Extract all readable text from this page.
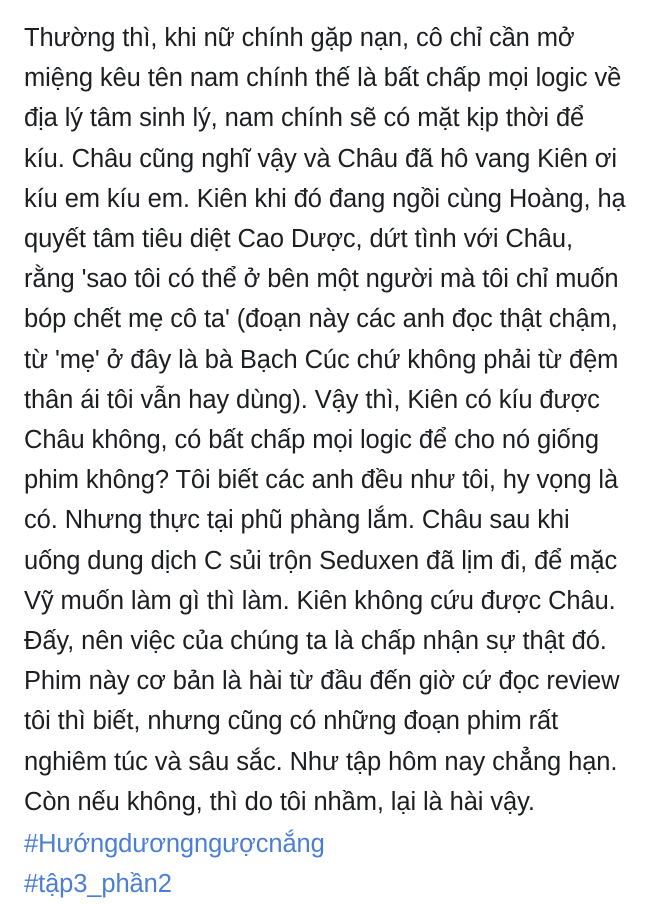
Thường thì, khi nữ chính gặp nạn, cô chỉ cần mở miệng kêu tên nam chính thế là bất chấp mọi logic về địa lý tâm sinh lý, nam chính sẽ có mặt kịp thời để kíu. Châu cũng nghĩ vậy và Châu đã hô vang Kiên ơi kíu em kíu em. Kiên khi đó đang ngồi cùng Hoàng, hạ quyết tâm tiêu diệt Cao Dược, dứt tình với Châu, rằng 'sao tôi có thể ở bên một người mà tôi chỉ muốn bóp chết mẹ cô ta' (đoạn này các anh đọc thật chậm, từ 'mẹ' ở đây là bà Bạch Cúc chứ không phải từ đệm thân ái tôi vẫn hay dùng). Vậy thì, Kiên có kíu được Châu không, có bất chấp mọi logic để cho nó giống phim không? Tôi biết các anh đều như tôi, hy vọng là có. Nhưng thực tại phũ phàng lắm. Châu sau khi uống dung dịch C sủi trộn Seduxen đã lịm đi, để mặc Vỹ muốn làm gì thì làm. Kiên không cứu được Châu. Đấy, nên việc của chúng ta là chấp nhận sự thật đó. Phim này cơ bản là hài từ đầu đến giờ cứ đọc review tôi thì biết, nhưng cũng có những đoạn phim rất nghiêm túc và sâu sắc. Như tập hôm nay chẳng hạn. Còn nếu không, thì do tôi nhầm, lại là hài vậy.
#Hướngdươngngượcnắng
#tập3_phần2
